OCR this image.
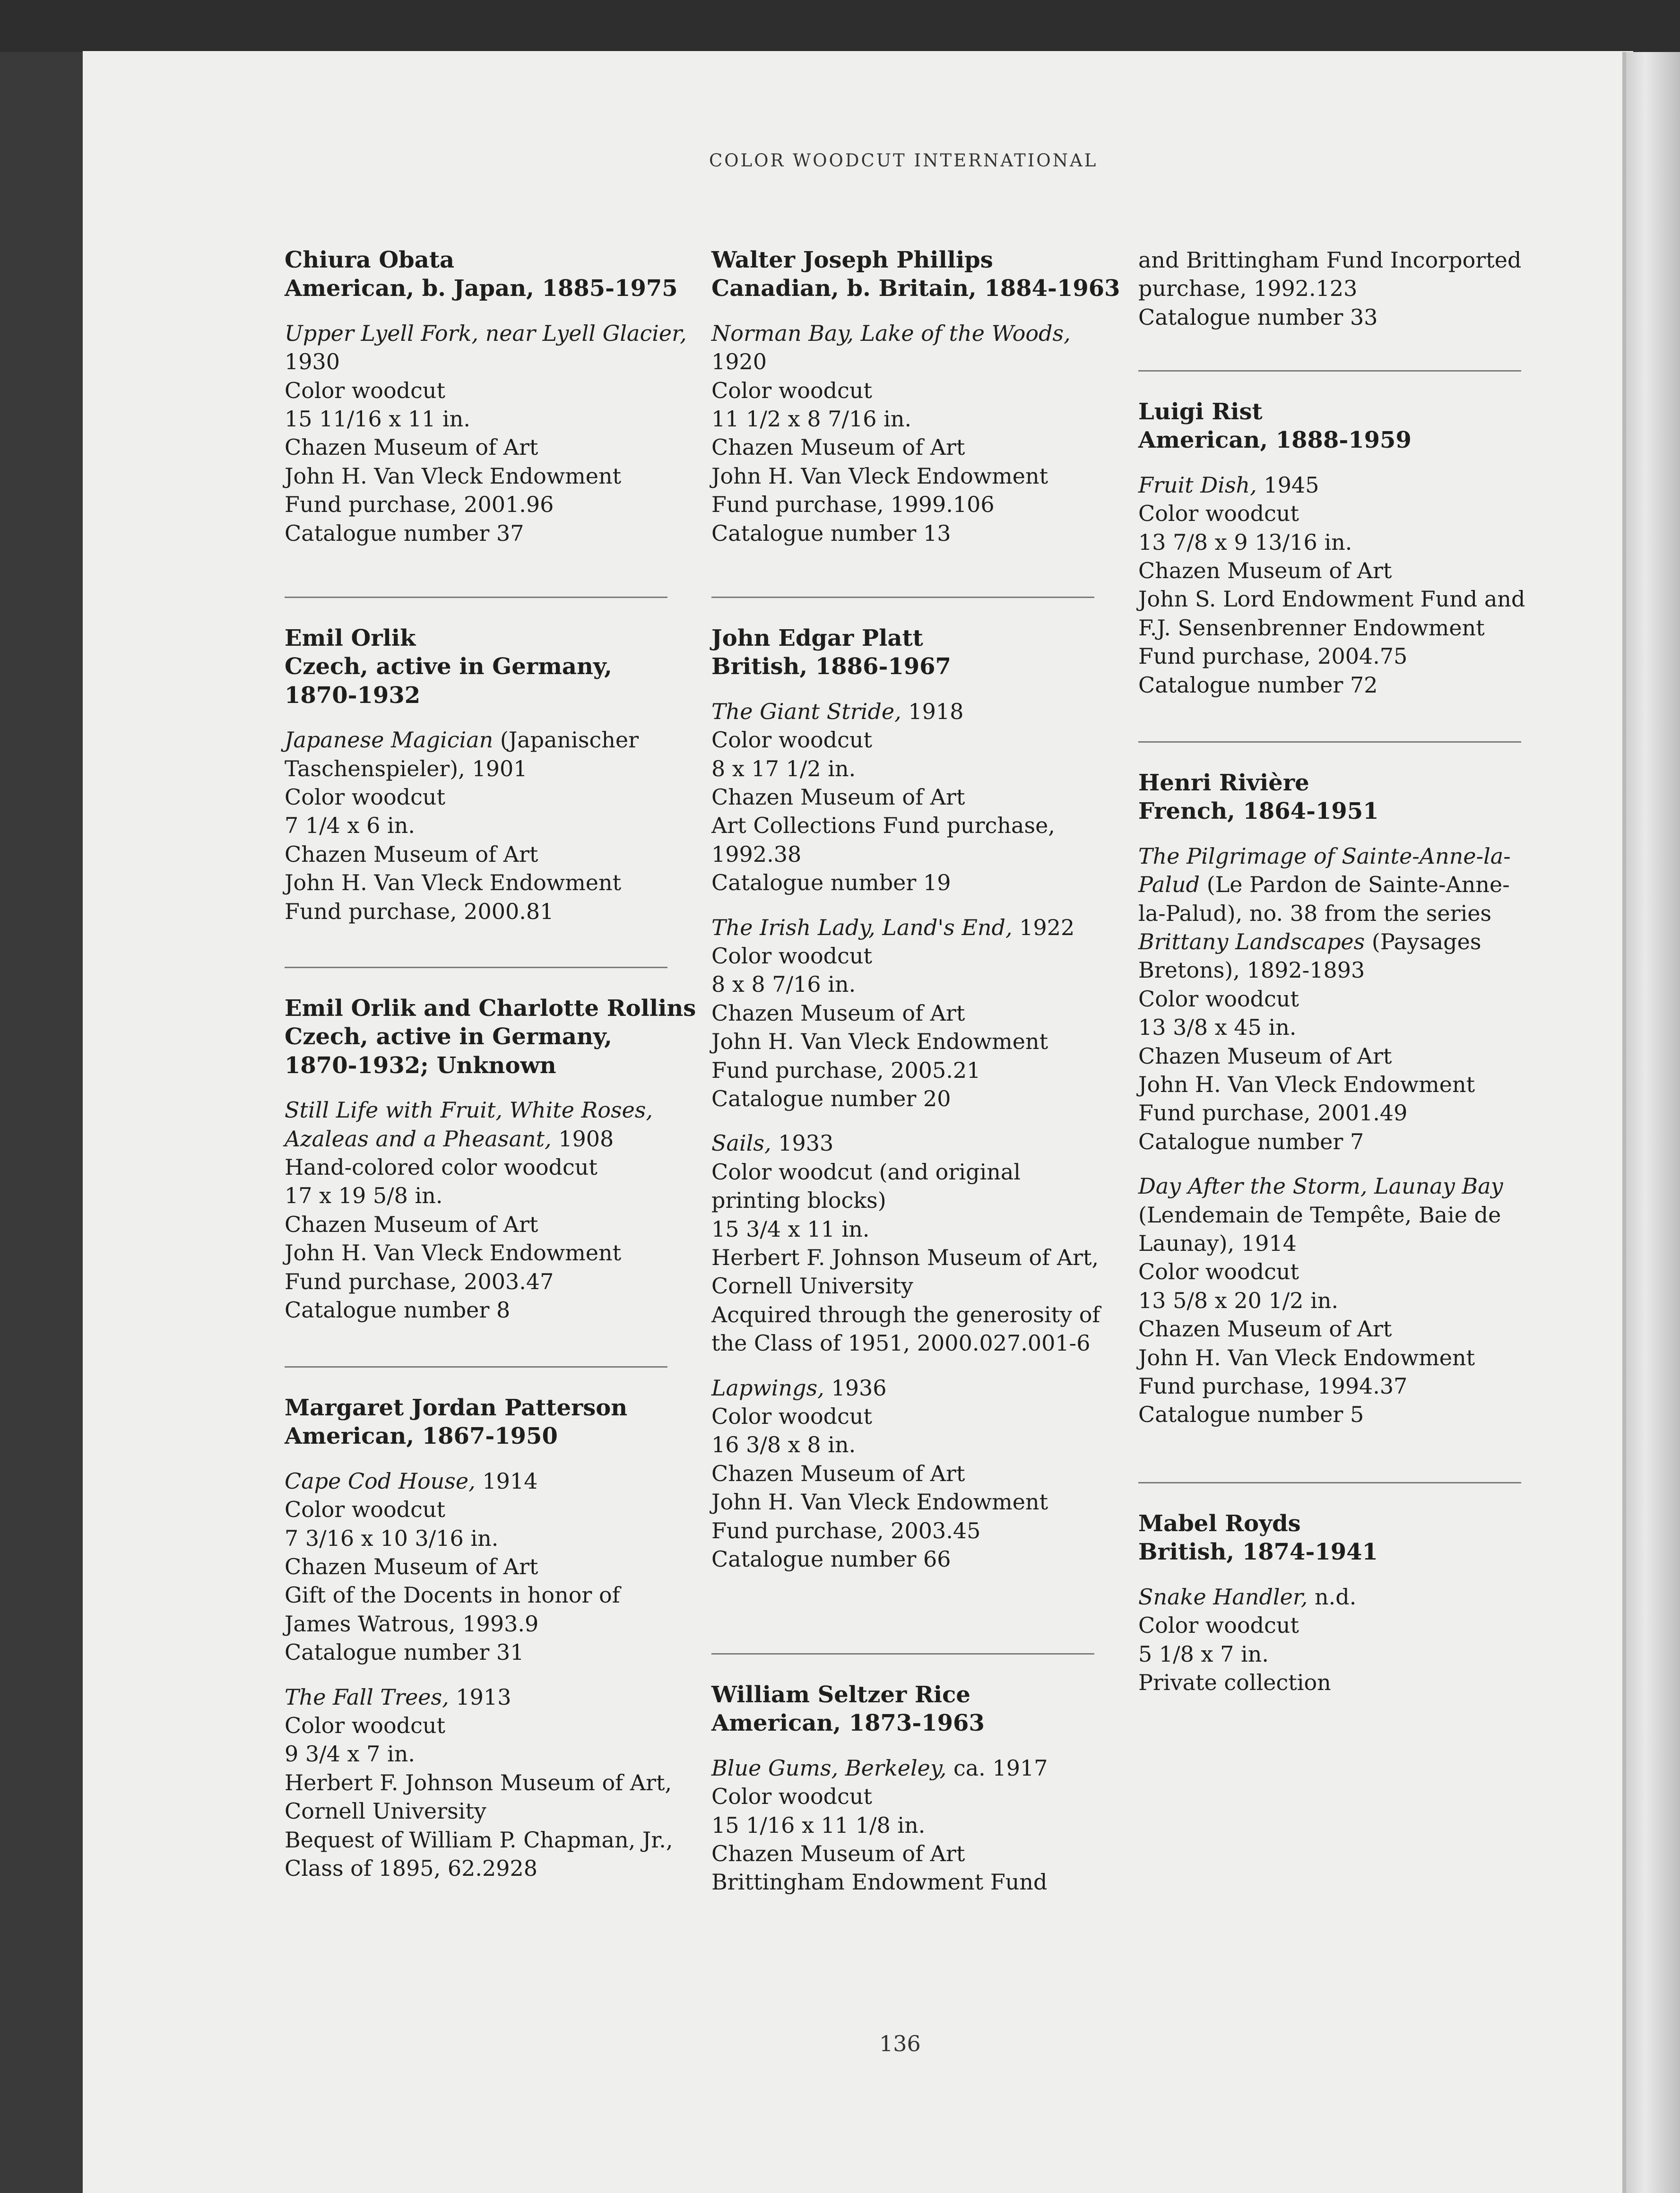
COLOR WOODCUT INTERNATIONAL
Chiura Obata
American, b. Japan, 1885-1975
Upper Lyell Fork, near Lyell Glacier,
1930
Color woodcut
15 11/16 x 11 in.
Chazen Museum of Art
John H. Van Vleck Endowment
Fund purchase, 2001.96
Catalogue number 37
Emil Orlik
Czech, active in Germany,
1870-1932
Japanese Magician (Japanischer
Taschenspieler), 1901
Color woodcut
7 1/4 x 6 in.
Chazen Museum of Art
John H. Van Vleck Endowment
Fund purchase, 2000.81
Emil Orlik and Charlotte Rollins
Czech, active in Germany,
1870-1932; Unknown
Still Life with Fruit, White Roses,
Azaleas and a Pheasant, 1908
Hand-colored color woodcut
17 x 19 5/8 in.
Chazen Museum of Art
John H. Van Vleck Endowment
Fund purchase, 2003.47
Catalogue number 8
Margaret Jordan Patterson
American, 1867-1950
Cape Cod House, 1914
Color woodcut
7 3/16 x 10 3/16 in.
Chazen Museum of Art
Gift of the Docents in honor of
James Watrous, 1993.9
Catalogue number 31
The Fall Trees, 1913
Color woodcut
9 3/4 x 7 in.
Herbert F. Johnson Museum of Art,
Cornell University
Bequest of William P. Chapman, Jr.,
Class of 1895, 62.2928
Walter Joseph Phillips
Canadian, b. Britain, 1884-1963
Norman Bay, Lake of the Woods,
1920
Color woodcut
11 1/2 x 8 7/16 in.
Chazen Museum of Art
John H. Van Vleck Endowment
Fund purchase, 1999.106
Catalogue number 13
John Edgar Platt
British, 1886-1967
The Giant Stride, 1918
Color woodcut
8 x 17 1/2 in.
Chazen Museum of Art
Art Collections Fund purchase,
1992.38
Catalogue number 19
The Irish Lady, Land's End, 1922
Color woodcut
8 x 8 7/16 in.
Chazen Museum of Art
John H. Van Vleck Endowment
Fund purchase, 2005.21
Catalogue number 20
Sails, 1933
Color woodcut (and original
printing blocks)
15 3/4 x 11 in.
Herbert F. Johnson Museum of Art,
Cornell University
Acquired through the generosity of
the Class of 1951, 2000.027.001-6
Lapwings, 1936
Color woodcut
16 3/8 x 8 in.
Chazen Museum of Art
John H. Van Vleck Endowment
Fund purchase, 2003.45
Catalogue number 66
William Seltzer Rice
American, 1873-1963
Blue Gums, Berkeley, ca. 1917
Color woodcut
15 1/16 x 11 1/8 in.
Chazen Museum of Art
Brittingham Endowment Fund
and Brittingham Fund Incorported
purchase, 1992.123
Catalogue number 33
Luigi Rist
American, 1888-1959
Fruit Dish, 1945
Color woodcut
13 7/8 x 9 13/16 in.
Chazen Museum of Art
John S. Lord Endowment Fund and
F.J. Sensenbrenner Endowment
Fund purchase, 2004.75
Catalogue number 72
Henri Rivière
French, 1864-1951
The Pilgrimage of Sainte-Anne-la-
Palud (Le Pardon de Sainte-Anne-
la-Palud), no. 38 from the series
Brittany Landscapes (Paysages
Bretons), 1892-1893
Color woodcut
13 3/8 x 45 in.
Chazen Museum of Art
John H. Van Vleck Endowment
Fund purchase, 2001.49
Catalogue number 7
Day After the Storm, Launay Bay
(Lendemain de Tempête, Baie de
Launay), 1914
Color woodcut
13 5/8 x 20 1/2 in.
Chazen Museum of Art
John H. Van Vleck Endowment
Fund purchase, 1994.37
Catalogue number 5
Mabel Royds
British, 1874-1941
Snake Handler, n.d.
Color woodcut
5 1/8 x 7 in.
Private collection
136
